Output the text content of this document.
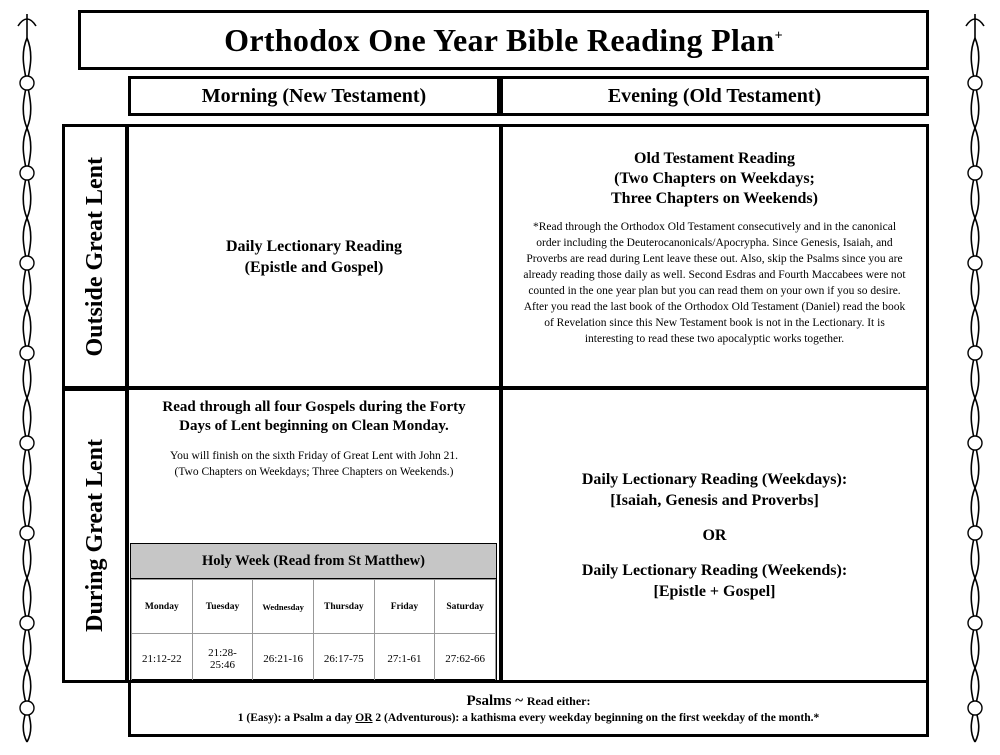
Orthodox One Year Bible Reading Plan+
Morning (New Testament)	Evening (Old Testament)
Outside Great Lent
During Great Lent
Daily Lectionary Reading
(Epistle and Gospel)
Old Testament Reading
(Two Chapters on Weekdays;
Three Chapters on Weekends)
*Read through the Orthodox Old Testament consecutively and in the canonical order including the Deuterocanonicals/Apocrypha. Since Genesis, Isaiah, and Proverbs are read during Lent leave these out. Also, skip the Psalms since you are already reading those daily as well. Second Esdras and Fourth Maccabees were not counted in the one year plan but you can read them on your own if you so desire. After you read the last book of the Orthodox Old Testament (Daniel) read the book of Revelation since this New Testament book is not in the Lectionary. It is interesting to read these two apocalyptic works together.
Read through all four Gospels during the Forty Days of Lent beginning on Clean Monday.
You will finish on the sixth Friday of Great Lent with John 21.
(Two Chapters on Weekdays; Three Chapters on Weekends.)
Holy Week (Read from St Matthew)
Monday	Tuesday	Wednesday	Thursday	Friday	Saturday
21:12-22	21:28-25:46	26:21-16	26:17-75	27:1-61	27:62-66
Daily Lectionary Reading (Weekdays):
[Isaiah, Genesis and Proverbs]
OR
Daily Lectionary Reading (Weekends):
[Epistle + Gospel]
Psalms ~ Read either:
1 (Easy): a Psalm a day OR 2 (Adventurous): a kathisma every weekday beginning on the first weekday of the month.*
